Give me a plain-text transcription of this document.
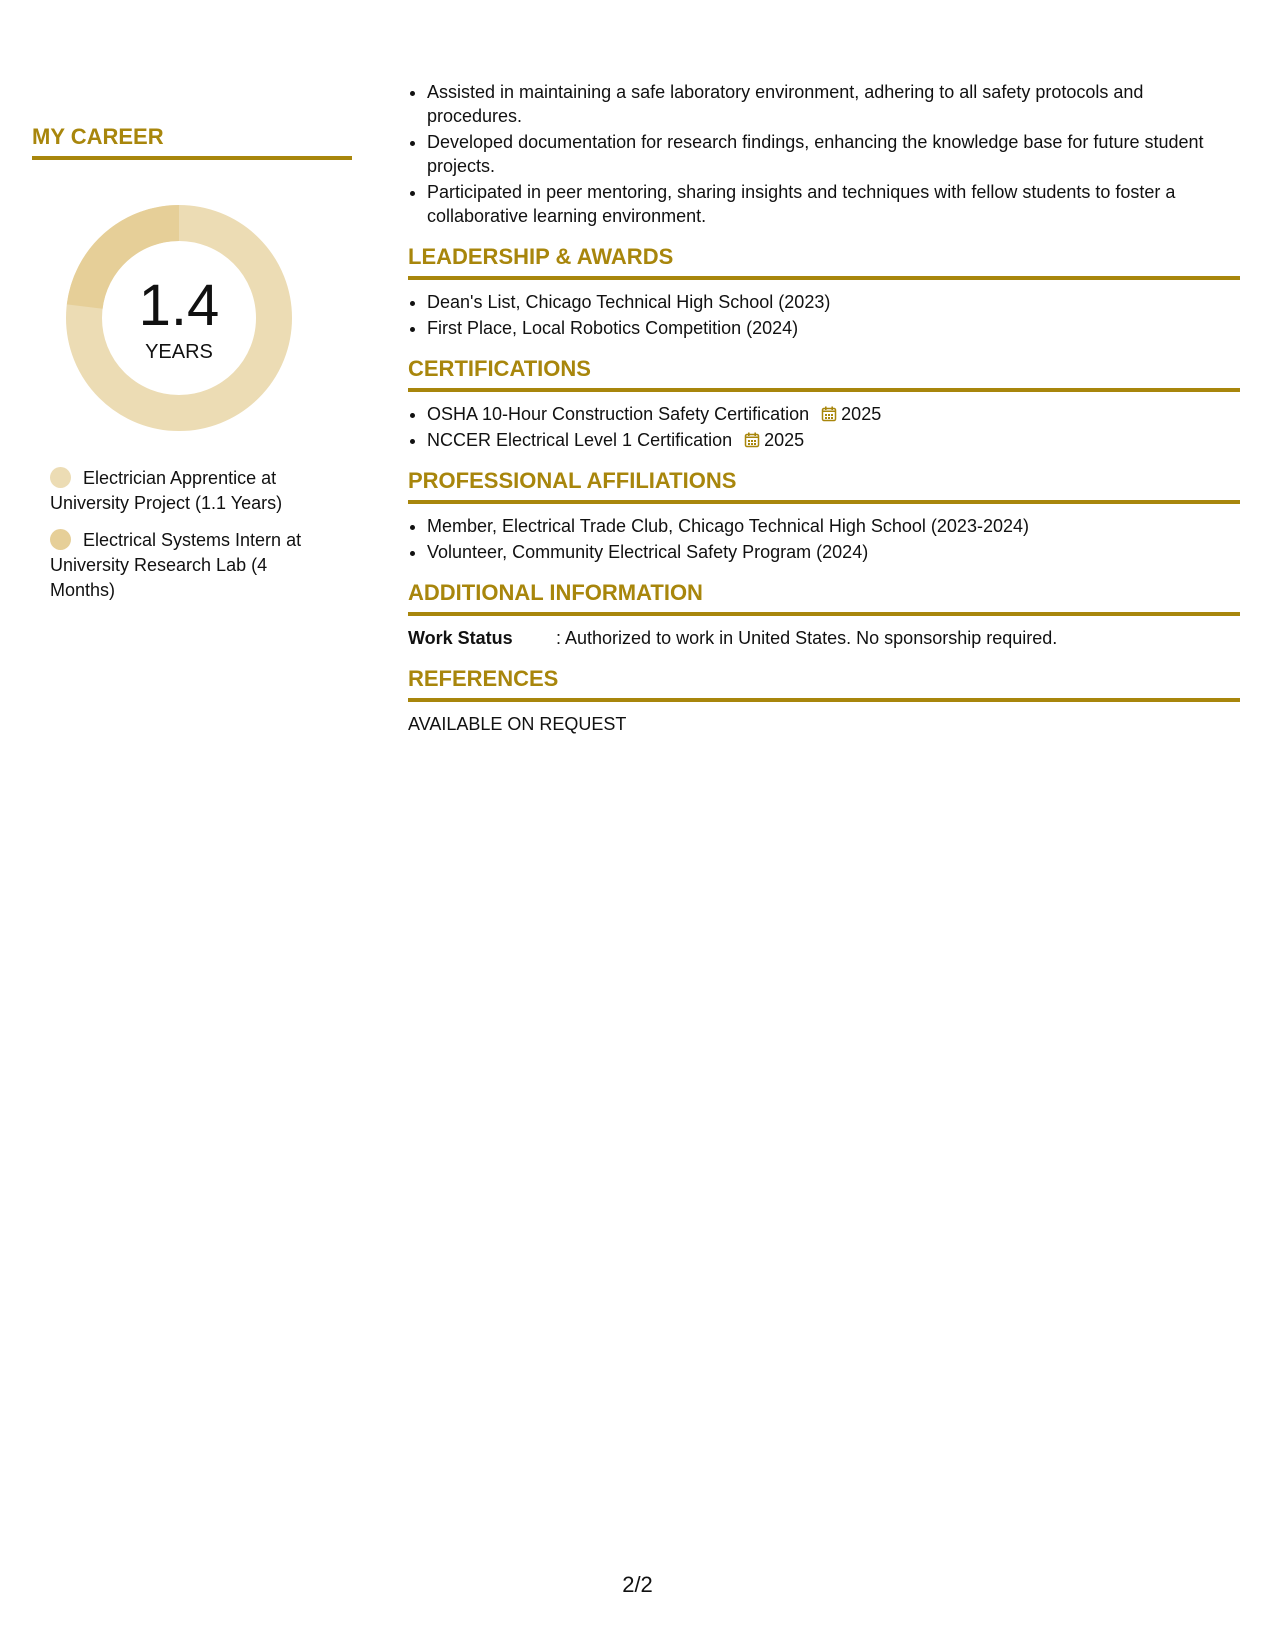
MY CAREER
1.4
YEARS
Electrician Apprentice at University Project (1.1 Years)
Electrical Systems Intern at University Research Lab (4 Months)
• Assisted in maintaining a safe laboratory environment, adhering to all safety protocols and procedures.
• Developed documentation for research findings, enhancing the knowledge base for future student projects.
• Participated in peer mentoring, sharing insights and techniques with fellow students to foster a collaborative learning environment.
LEADERSHIP & AWARDS
• Dean's List, Chicago Technical High School (2023)
• First Place, Local Robotics Competition (2024)
CERTIFICATIONS
• OSHA 10-Hour Construction Safety Certification 2025
• NCCER Electrical Level 1 Certification 2025
PROFESSIONAL AFFILIATIONS
• Member, Electrical Trade Club, Chicago Technical High School (2023-2024)
• Volunteer, Community Electrical Safety Program (2024)
ADDITIONAL INFORMATION
Work Status : Authorized to work in United States. No sponsorship required.
REFERENCES
AVAILABLE ON REQUEST
2/2
